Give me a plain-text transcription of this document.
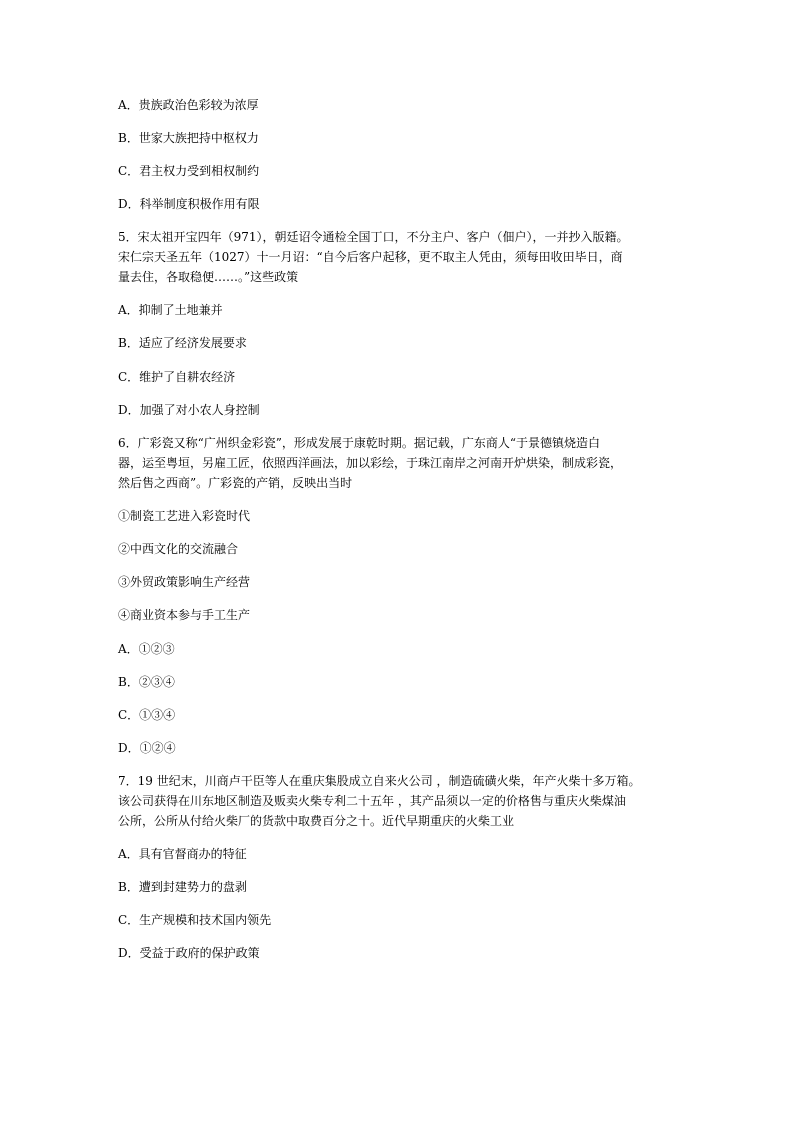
A．贵族政治色彩较为浓厚
B．世家大族把持中枢权力
C．君主权力受到相权制约
D．科举制度积极作用有限
5．宋太祖开宝四年（971），朝廷诏令通检全国丁口，不分主户、客户（佃户），一并抄入版籍。
宋仁宗天圣五年（1027）十一月诏：“自今后客户起移，更不取主人凭由，须每田收田毕日，商
量去住，各取稳便……。”这些政策
A．抑制了土地兼并
B．适应了经济发展要求
C．维护了自耕农经济
D．加强了对小农人身控制
6．广彩瓷又称“广州织金彩瓷”，形成发展于康乾时期。据记载，广东商人“于景德镇烧造白
器，运至粤垣，另雇工匠，依照西洋画法，加以彩绘，于珠江南岸之河南开炉烘染，制成彩瓷，
然后售之西商”。广彩瓷的产销，反映出当时
①制瓷工艺进入彩瓷时代
②中西文化的交流融合
③外贸政策影响生产经营
④商业资本参与手工生产
A．①②③
B．②③④
C．①③④
D．①②④
7．19 世纪末，川商卢干臣等人在重庆集股成立自来火公司 ，制造硫磺火柴，年产火柴十多万箱。
该公司获得在川东地区制造及贩卖火柴专利二十五年 ，其产品须以一定的价格售与重庆火柴煤油
公所，公所从付给火柴厂的货款中取费百分之十。近代早期重庆的火柴工业
A．具有官督商办的特征
B．遭到封建势力的盘剥
C．生产规模和技术国内领先
D．受益于政府的保护政策
